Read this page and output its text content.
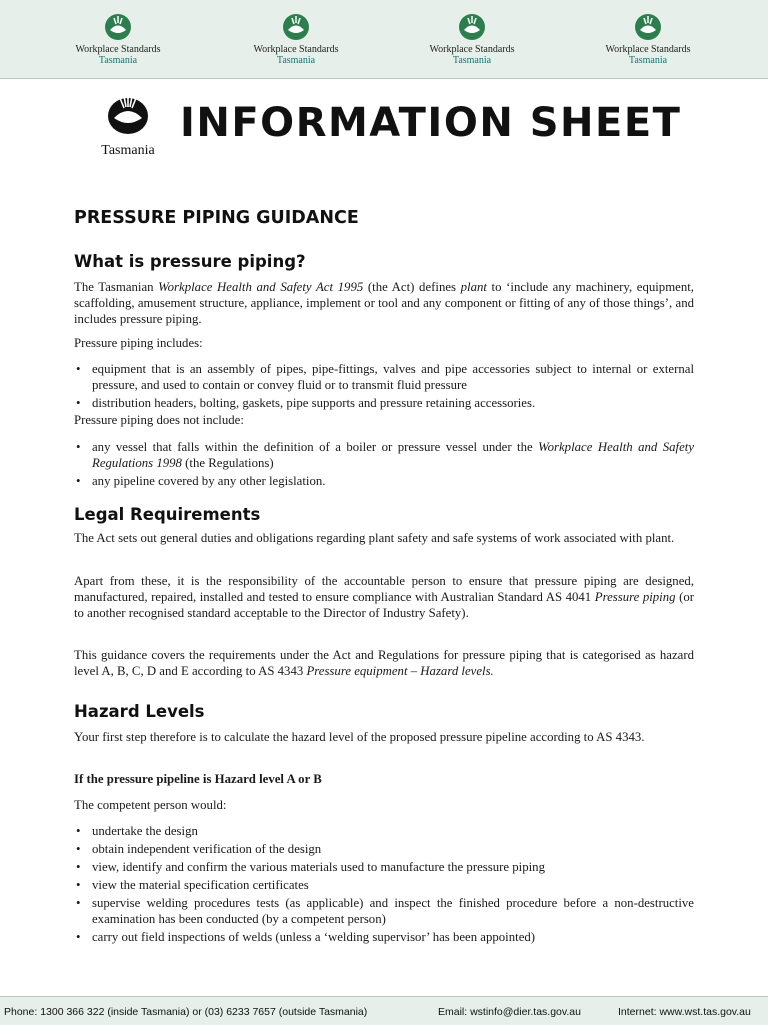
Workplace Standards
Tasmania
Workplace Standards
Tasmania
Workplace Standards
Tasmania
Workplace Standards
Tasmania
Tasmania
INFORMATION SHEET
PRESSURE PIPING GUIDANCE
What is pressure piping?

The Tasmanian Workplace Health and Safety Act 1995 (the Act) defines plant to ‘include any machinery, equipment, scaffolding, amusement structure, appliance, implement or tool and any component or fitting of any of those things’, and includes pressure piping.

Pressure piping includes:

• equipment that is an assembly of pipes, pipe-fittings, valves and pipe accessories subject to internal or external pressure, and used to contain or convey fluid or to transmit fluid pressure
• distribution headers, bolting, gaskets, pipe supports and pressure retaining accessories.

Pressure piping does not include:

• any vessel that falls within the definition of a boiler or pressure vessel under the Workplace Health and Safety Regulations 1998 (the Regulations)
• any pipeline covered by any other legislation.
Legal Requirements

The Act sets out general duties and obligations regarding plant safety and safe systems of work associated with plant.

Apart from these, it is the responsibility of the accountable person to ensure that pressure piping are designed, manufactured, repaired, installed and tested to ensure compliance with Australian Standard AS 4041 Pressure piping (or to another recognised standard acceptable to the Director of Industry Safety).

This guidance covers the requirements under the Act and Regulations for pressure piping that is categorised as hazard level A, B, C, D and E according to AS 4343 Pressure equipment – Hazard levels.

Hazard Levels

Your first step therefore is to calculate the hazard level of the proposed pressure pipeline according to AS 4343.

If the pressure pipeline is Hazard level A or B

The competent person would:

• undertake the design
• obtain independent verification of the design
• view, identify and confirm the various materials used to manufacture the pressure piping
• view the material specification certificates
• supervise welding procedures tests (as applicable) and inspect the finished procedure before a non-destructive examination has been conducted (by a competent person)
• carry out field inspections of welds (unless a ‘welding supervisor’ has been appointed)
Phone: 1300 366 322 (inside Tasmania) or (03) 6233 7657 (outside Tasmania)	Email: wstinfo@dier.tas.gov.au	Internet: www.wst.tas.gov.au
